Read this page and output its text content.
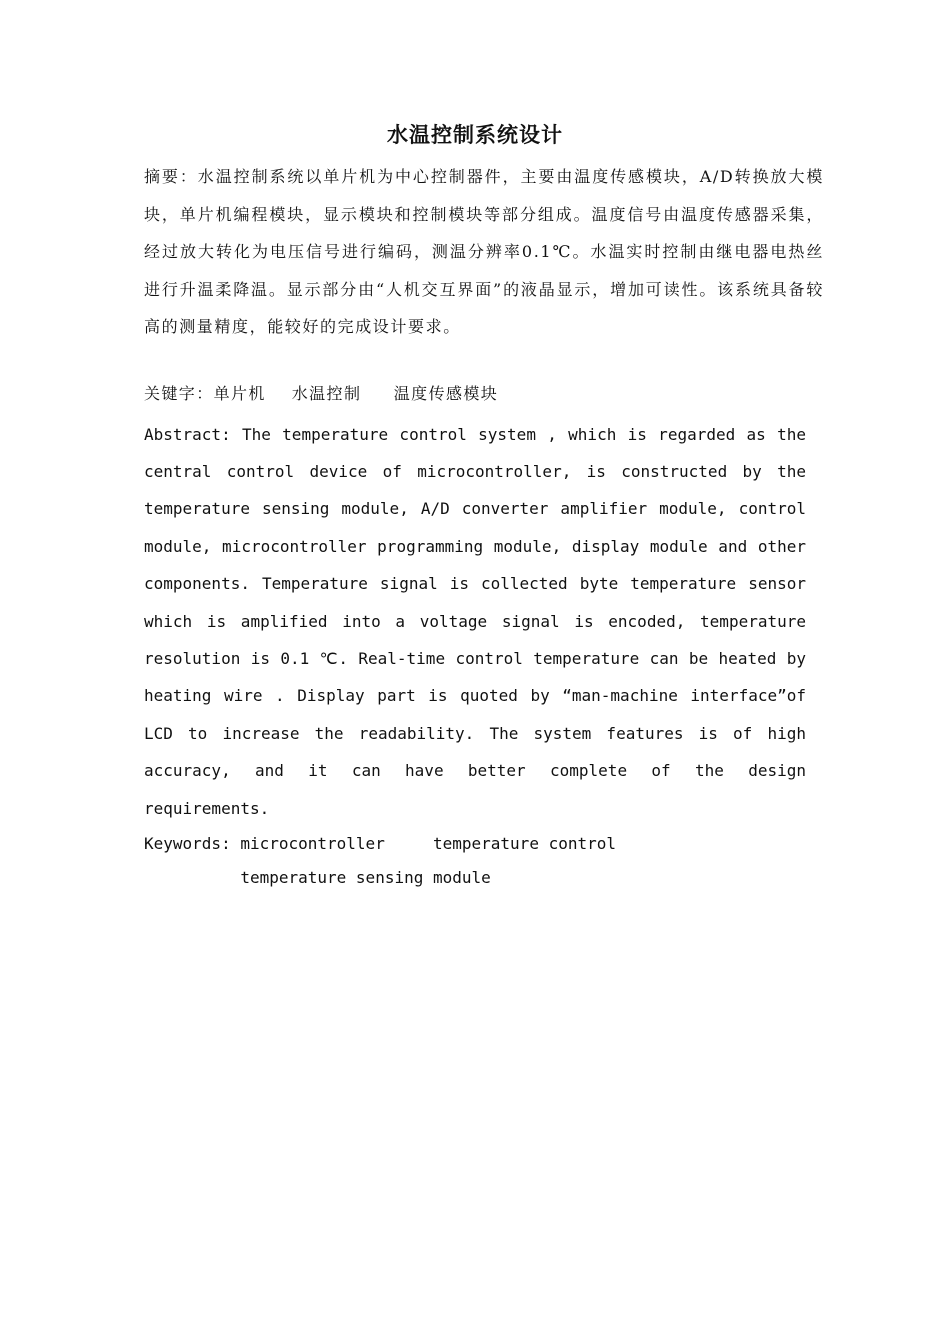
水温控制系统设计

摘要：水温控制系统以单片机为中心控制器件，主要由温度传感模块，A/D转换放大模块，单片机编程模块，显示模块和控制模块等部分组成。温度信号由温度传感器采集，经过放大转化为电压信号进行编码，测温分辨率0.1℃。水温实时控制由继电器电热丝进行升温柔降温。显示部分由“人机交互界面”的液晶显示，增加可读性。该系统具备较高的测量精度，能较好的完成设计要求。

关键字：单片机    水温控制     温度传感模块

Abstract: The temperature control system , which is regarded as the central control device of microcontroller, is constructed by the temperature sensing module, A/D converter amplifier module, control module, microcontroller programming module, display module and other components. Temperature signal is collected byte temperature sensor which is amplified into a voltage signal is encoded, temperature resolution is 0.1 ℃. Real-time control temperature can be heated by heating wire . Display part is quoted by “man-machine interface”of LCD to increase the readability. The system features is of high accuracy, and it can have better complete of the design requirements.

Keywords: microcontroller     temperature control

temperature sensing module
